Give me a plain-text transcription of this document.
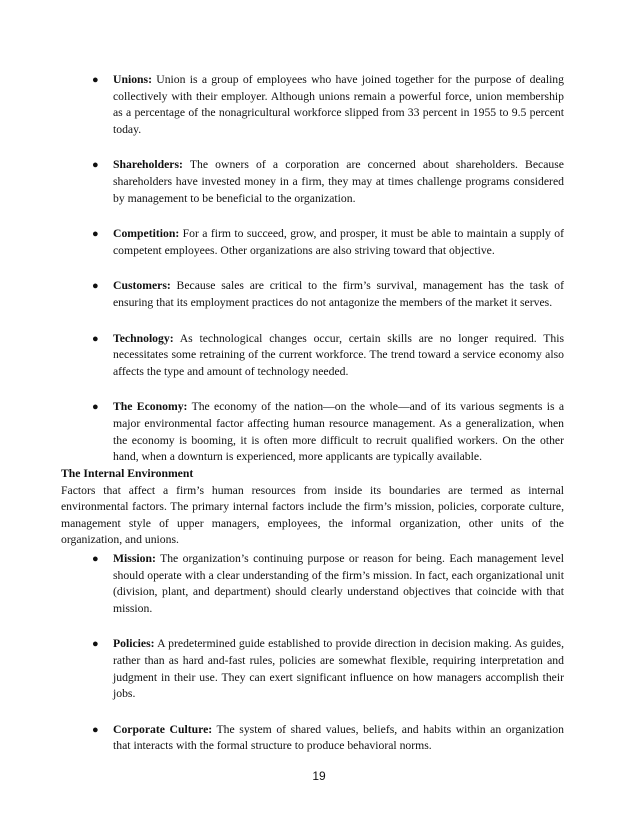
● Unions: Union is a group of employees who have joined together for the purpose of dealing collectively with their employer. Although unions remain a powerful force, union membership as a percentage of the nonagricultural workforce slipped from 33 percent in 1955 to 9.5 percent today.
● Shareholders: The owners of a corporation are concerned about shareholders. Because shareholders have invested money in a firm, they may at times challenge programs considered by management to be beneficial to the organization.
● Competition: For a firm to succeed, grow, and prosper, it must be able to maintain a supply of competent employees. Other organizations are also striving toward that objective.
● Customers: Because sales are critical to the firm’s survival, management has the task of ensuring that its employment practices do not antagonize the members of the market it serves.
● Technology: As technological changes occur, certain skills are no longer required. This necessitates some retraining of the current workforce. The trend toward a service economy also affects the type and amount of technology needed.
● The Economy: The economy of the nation—on the whole—and of its various segments is a major environmental factor affecting human resource management. As a generalization, when the economy is booming, it is often more difficult to recruit qualified workers. On the other hand, when a downturn is experienced, more applicants are typically available.
The Internal Environment
Factors that affect a firm’s human resources from inside its boundaries are termed as internal environmental factors. The primary internal factors include the firm’s mission, policies, corporate culture, management style of upper managers, employees, the informal organization, other units of the organization, and unions.
● Mission: The organization’s continuing purpose or reason for being. Each management level should operate with a clear understanding of the firm’s mission. In fact, each organizational unit (division, plant, and department) should clearly understand objectives that coincide with that mission.
● Policies: A predetermined guide established to provide direction in decision making. As guides, rather than as hard and-fast rules, policies are somewhat flexible, requiring interpretation and judgment in their use. They can exert significant influence on how managers accomplish their jobs.
● Corporate Culture: The system of shared values, beliefs, and habits within an organization that interacts with the formal structure to produce behavioral norms.
19
